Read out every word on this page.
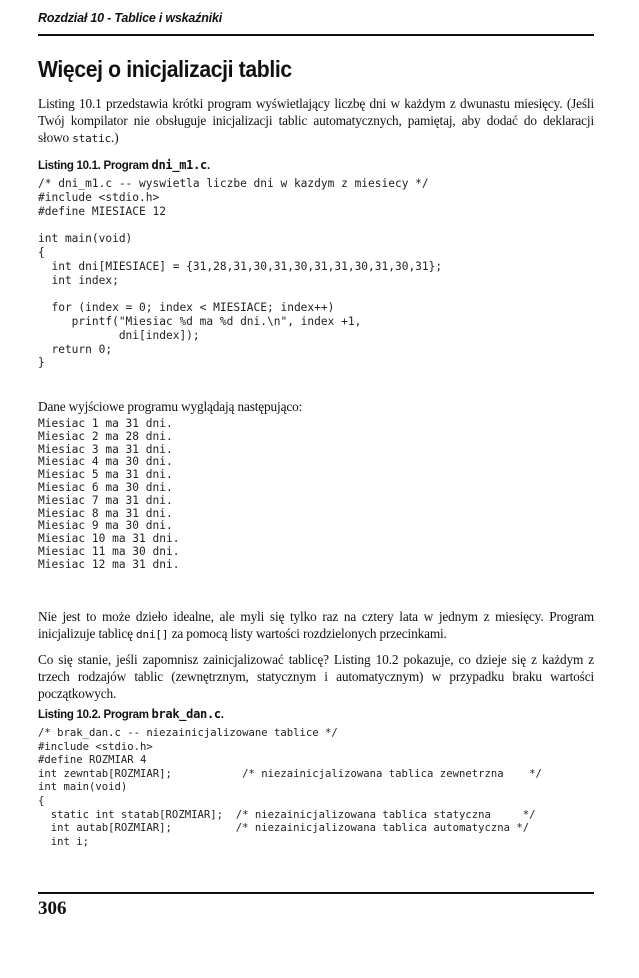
Rozdział 10 - Tablice i wskaźniki
Więcej o inicjalizacji tablic

Listing 10.1 przedstawia krótki program wyświetlający liczbę dni w każdym z dwunastu miesięcy. (Jeśli Twój kompilator nie obsługuje inicjalizacji tablic automatycznych, pamiętaj, aby dodać do deklaracji słowo static.)

Listing 10.1. Program dni_m1.c.

/* dni_m1.c -- wyswietla liczbe dni w kazdym z miesiecy */
#include <stdio.h>
#define MIESIACE 12

int main(void)
{
int dni[MIESIACE] = {31,28,31,30,31,30,31,31,30,31,30,31};
int index;

for (index = 0; index < MIESIACE; index++)
printf("Miesiac %d ma %d dni.\n", index +1,
dni[index]);
return 0;
}

Dane wyjściowe programu wyglądają następująco:

Miesiac 1 ma 31 dni.
Miesiac 2 ma 28 dni.
Miesiac 3 ma 31 dni.
Miesiac 4 ma 30 dni.
Miesiac 5 ma 31 dni.
Miesiac 6 ma 30 dni.
Miesiac 7 ma 31 dni.
Miesiac 8 ma 31 dni.
Miesiac 9 ma 30 dni.
Miesiac 10 ma 31 dni.
Miesiac 11 ma 30 dni.
Miesiac 12 ma 31 dni.

Nie jest to może dzieło idealne, ale myli się tylko raz na cztery lata w jednym z miesięcy. Program inicjalizuje tablicę dni[] za pomocą listy wartości rozdzielonych przecinkami.

Co się stanie, jeśli zapomnisz zainicjalizować tablicę? Listing 10.2 pokazuje, co dzieje się z każdym z trzech rodzajów tablic (zewnętrznym, statycznym i automatycznym) w przypadku braku wartości początkowych.

Listing 10.2. Program brak_dan.c.

/* brak_dan.c -- niezainicjalizowane tablice */
#include <stdio.h>
#define ROZMIAR 4
int zewntab[ROZMIAR];           /* niezainicjalizowana tablica zewnetrzna    */
int main(void)
{
static int statab[ROZMIAR];  /* niezainicjalizowana tablica statyczna     */
int autab[ROZMIAR];          /* niezainicjalizowana tablica automatyczna */
int i;
306
